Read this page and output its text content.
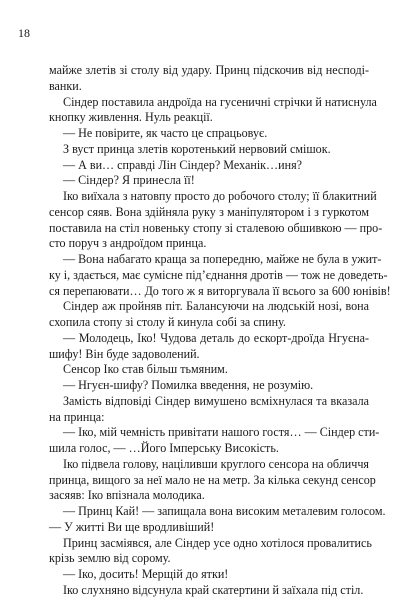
18
майже злетів зі столу від удару. Принц підскочив від несподі-
ванки.
Сіндер поставила андроїда на гусеничні стрічки й натиснула
кнопку живлення. Нуль реакції.
— Не повірите, як часто це спрацьовує.
З вуст принца злетів коротенький нервовий смішок.
— А ви… справді Лін Сіндер? Механік…иня?
— Сіндер? Я принесла її!
Іко виїхала з натовпу просто до робочого столу; її блакитний
сенсор сяяв. Вона здійняла руку з маніпулятором і з гуркотом
поставила на стіл новеньку стопу зі сталевою обшивкою — про-
сто поруч з андроїдом принца.
— Вона набагато краща за попередню, майже не була в ужит-
ку і, здається, має сумісне під’єднання дротів — тож не доведеть-
ся перепаювати… До того ж я виторгувала її всього за 600 юнівів!
Сіндер аж пройняв піт. Балансуючи на людській нозі, вона
схопила стопу зі столу й кинула собі за спину.
— Молодець, Іко! Чудова деталь до ескорт-дроїда Нгуєна-
шифу! Він буде задоволений.
Сенсор Іко став більш тьмяним.
— Нгуєн-шифу? Помилка введення, не розумію.
Замість відповіді Сіндер вимушено всміхнулася та вказала
на принца:
— Іко, мій чемність привітати нашого гостя… — Сіндер сти-
шила голос, — …Його Імперську Високість.
Іко підвела голову, націливши круглого сенсора на обличчя
принца, вищого за неї мало не на метр. За кілька секунд сенсор
засяяв: Іко впізнала молодика.
— Принц Кай! — запищала вона високим металевим голосом.
— У житті Ви ще вродливіший!
Принц засміявся, але Сіндер усе одно хотілося провалитись
крізь землю від сорому.
— Іко, досить! Мерщій до ятки!
Іко слухняно відсунула край скатертини й заїхала під стіл.
